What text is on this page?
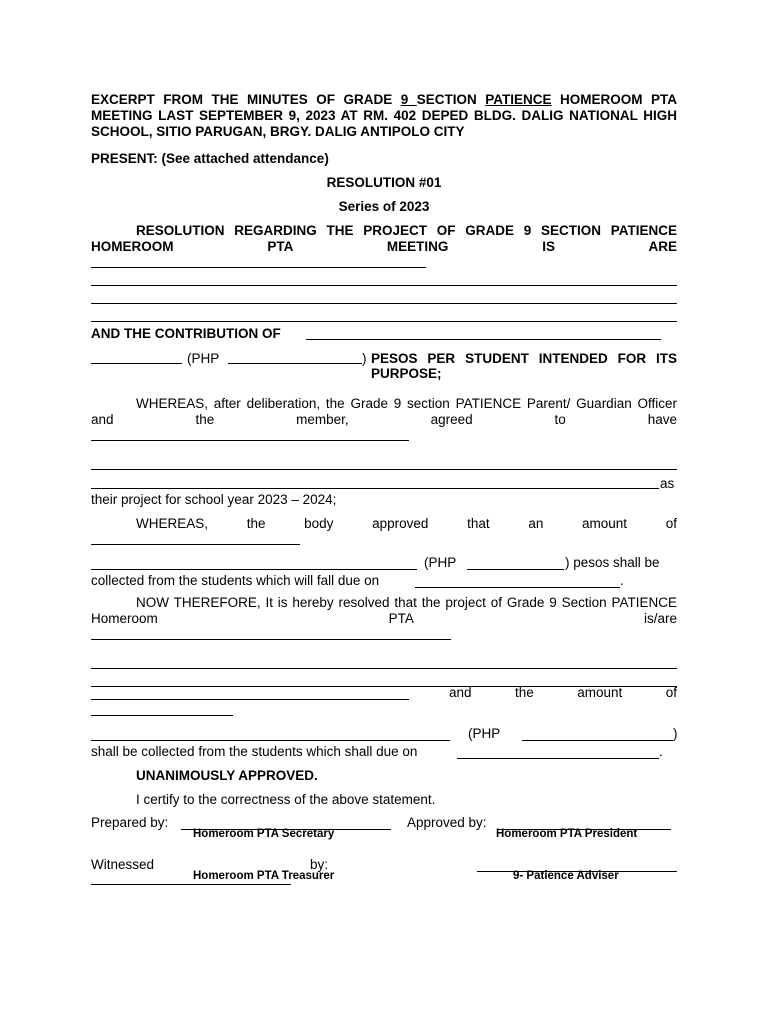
EXCERPT FROM THE MINUTES OF GRADE 9 SECTION PATIENCE HOMEROOM PTA MEETING LAST SEPTEMBER 9, 2023 AT RM. 402 DEPED BLDG. DALIG NATIONAL HIGH SCHOOL, SITIO PARUGAN, BRGY. DALIG ANTIPOLO CITY

PRESENT: (See attached attendance)

RESOLUTION #01

Series of 2023

RESOLUTION REGARDING THE PROJECT OF GRADE 9 SECTION PATIENCE HOMEROOM PTA MEETING IS ARE

AND THE CONTRIBUTION OF
(PHP	) PESOS PER STUDENT INTENDED FOR ITS PURPOSE;

WHEREAS, after deliberation, the Grade 9 section PATIENCE Parent/ Guardian Officer and the member, agreed to have

as

their project for school year 2023 – 2024;

WHEREAS, the body approved that an amount of

(PHP	) pesos shall be
collected from the students which will fall due on	.

NOW THEREFORE, It is hereby resolved that the project of Grade 9 Section PATIENCE Homeroom PTA is/are

and the amount of
(PHP	)
shall be collected from the students which shall due on	.

UNANIMOUSLY APPROVED.

I certify to the correctness of the above statement.

Prepared by:
Homeroom PTA Secretary
Approved by:
Homeroom PTA President
Witnessed	by:
Homeroom PTA Treasurer	9- Patience Adviser
